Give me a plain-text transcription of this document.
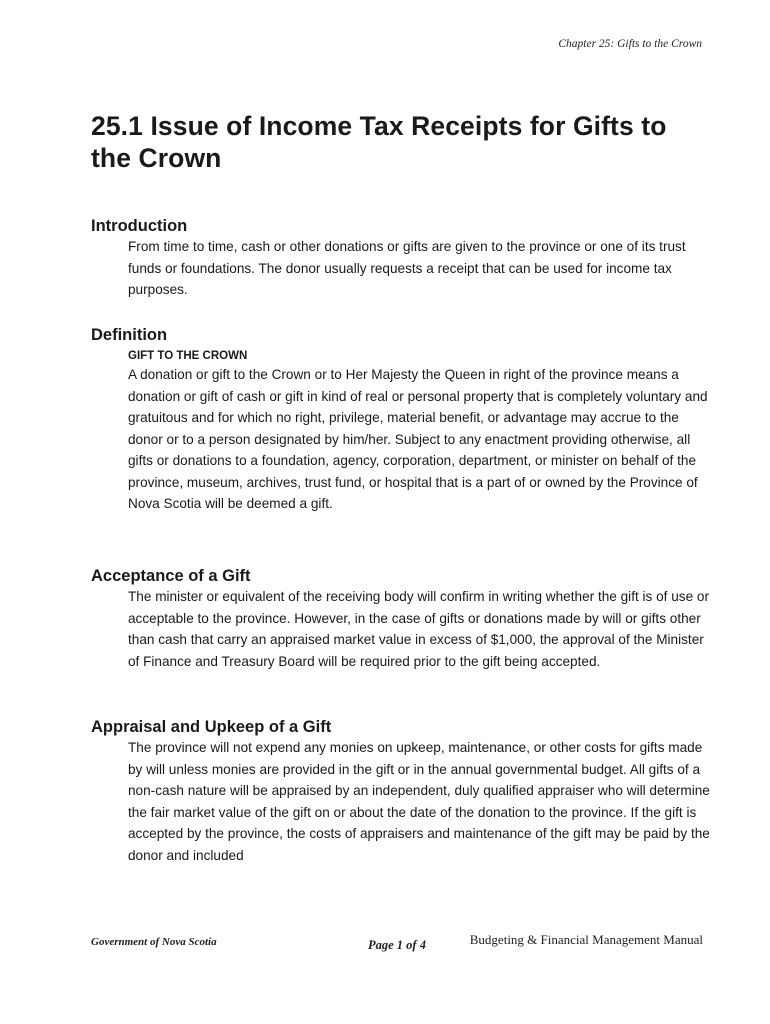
Chapter 25: Gifts to the Crown
25.1 Issue of Income Tax Receipts for Gifts to the Crown
Introduction

From time to time, cash or other donations or gifts are given to the province or one of its trust funds or foundations. The donor usually requests a receipt that can be used for income tax purposes.

Definition
GIFT TO THE CROWN

A donation or gift to the Crown or to Her Majesty the Queen in right of the province means a donation or gift of cash or gift in kind of real or personal property that is completely voluntary and gratuitous and for which no right, privilege, material benefit, or advantage may accrue to the donor or to a person designated by him/her. Subject to any enactment providing otherwise, all gifts or donations to a foundation, agency, corporation, department, or minister on behalf of the province, museum, archives, trust fund, or hospital that is a part of or owned by the Province of Nova Scotia will be deemed a gift.

Acceptance of a Gift

The minister or equivalent of the receiving body will confirm in writing whether the gift is of use or acceptable to the province. However, in the case of gifts or donations made by will or gifts other than cash that carry an appraised market value in excess of $1,000, the approval of the Minister of Finance and Treasury Board will be required prior to the gift being accepted.

Appraisal and Upkeep of a Gift

The province will not expend any monies on upkeep, maintenance, or other costs for gifts made by will unless monies are provided in the gift or in the annual governmental budget. All gifts of a non-cash nature will be appraised by an independent, duly qualified appraiser who will determine the fair market value of the gift on or about the date of the donation to the province. If the gift is accepted by the province, the costs of appraisers and maintenance of the gift may be paid by the donor and included

Government of Nova Scotia	Page 1 of 4	Budgeting & Financial Management Manual
